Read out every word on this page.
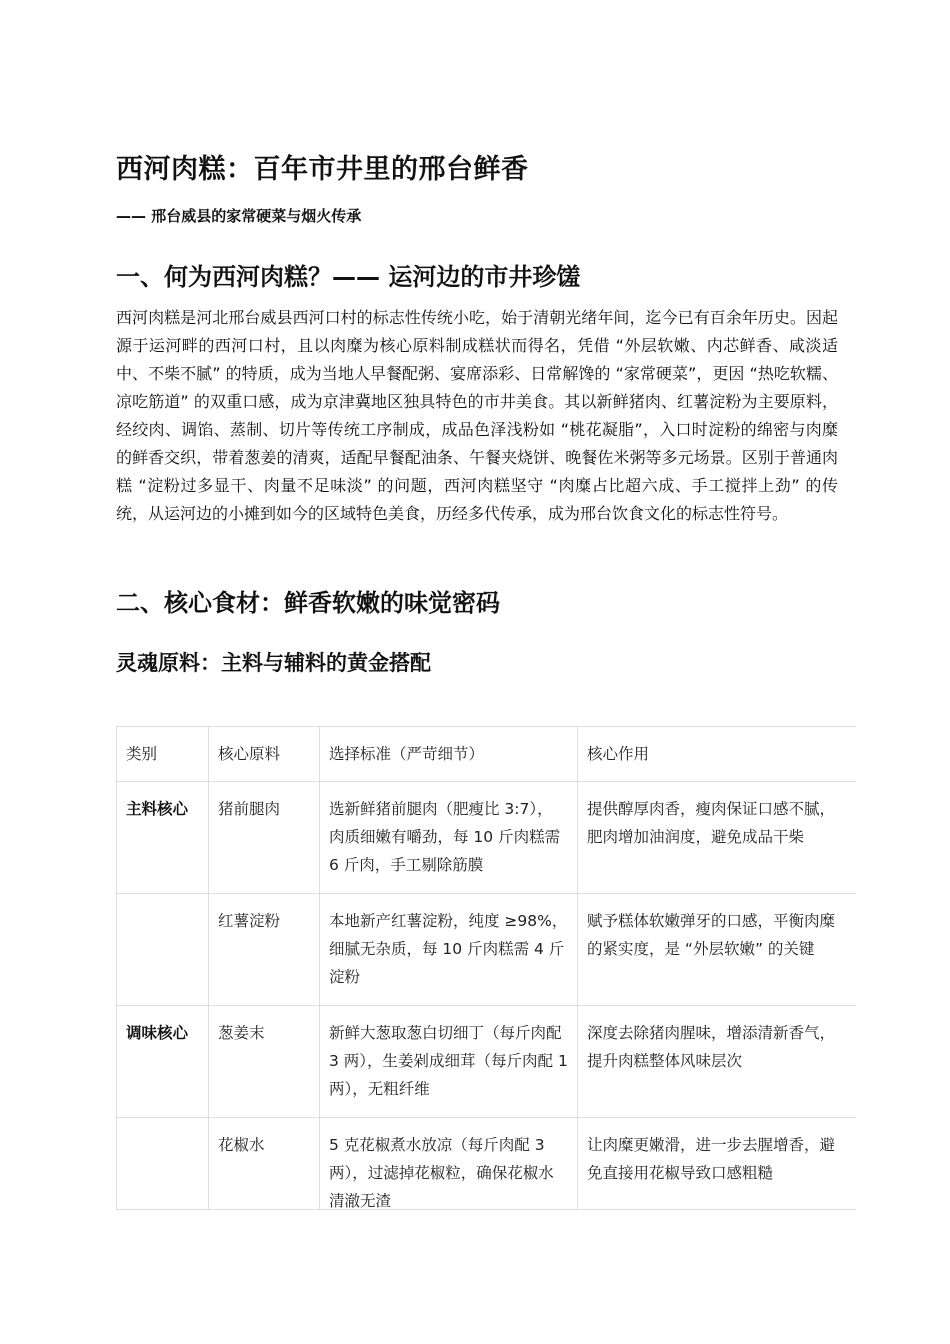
西河肉糕：百年市井里的邢台鲜香
—— 邢台威县的家常硬菜与烟火传承
一、何为西河肉糕？—— 运河边的市井珍馐

西河肉糕是河北邢台威县西河口村的标志性传统小吃，始于清朝光绪年间，迄今已有百余年历史。因起源于运河畔的西河口村，且以肉糜为核心原料制成糕状而得名，凭借 “外层软嫩、内芯鲜香、咸淡适中、不柴不腻” 的特质，成为当地人早餐配粥、宴席添彩、日常解馋的 “家常硬菜”，更因 “热吃软糯、凉吃筋道” 的双重口感，成为京津冀地区独具特色的市井美食。其以新鲜猪肉、红薯淀粉为主要原料，经绞肉、调馅、蒸制、切片等传统工序制成，成品色泽浅粉如 “桃花凝脂”，入口时淀粉的绵密与肉糜的鲜香交织，带着葱姜的清爽，适配早餐配油条、午餐夹烧饼、晚餐佐米粥等多元场景。区别于普通肉糕 “淀粉过多显干、肉量不足味淡” 的问题，西河肉糕坚守 “肉糜占比超六成、手工搅拌上劲” 的传统，从运河边的小摊到如今的区域特色美食，历经多代传承，成为邢台饮食文化的标志性符号。

二、核心食材：鲜香软嫩的味觉密码
灵魂原料：主料与辅料的黄金搭配
类别	核心原料	选择标准（严苛细节）	核心作用
主料核心	猪前腿肉	选新鲜猪前腿肉（肥瘦比 3:7），肉质细嫩有嚼劲，每 10 斤肉糕需 6 斤肉，手工剔除筋膜	提供醇厚肉香，瘦肉保证口感不腻，肥肉增加油润度，避免成品干柴
	红薯淀粉	本地新产红薯淀粉，纯度 ≥98%，细腻无杂质，每 10 斤肉糕需 4 斤淀粉	赋予糕体软嫩弹牙的口感，平衡肉糜的紧实度，是 “外层软嫩” 的关键
调味核心	葱姜末	新鲜大葱取葱白切细丁（每斤肉配 3 两），生姜剁成细茸（每斤肉配 1 两），无粗纤维	深度去除猪肉腥味，增添清新香气，提升肉糕整体风味层次
	花椒水	5 克花椒煮水放凉（每斤肉配 3 两），过滤掉花椒粒，确保花椒水清澈无渣	让肉糜更嫩滑，进一步去腥增香，避免直接用花椒导致口感粗糙
